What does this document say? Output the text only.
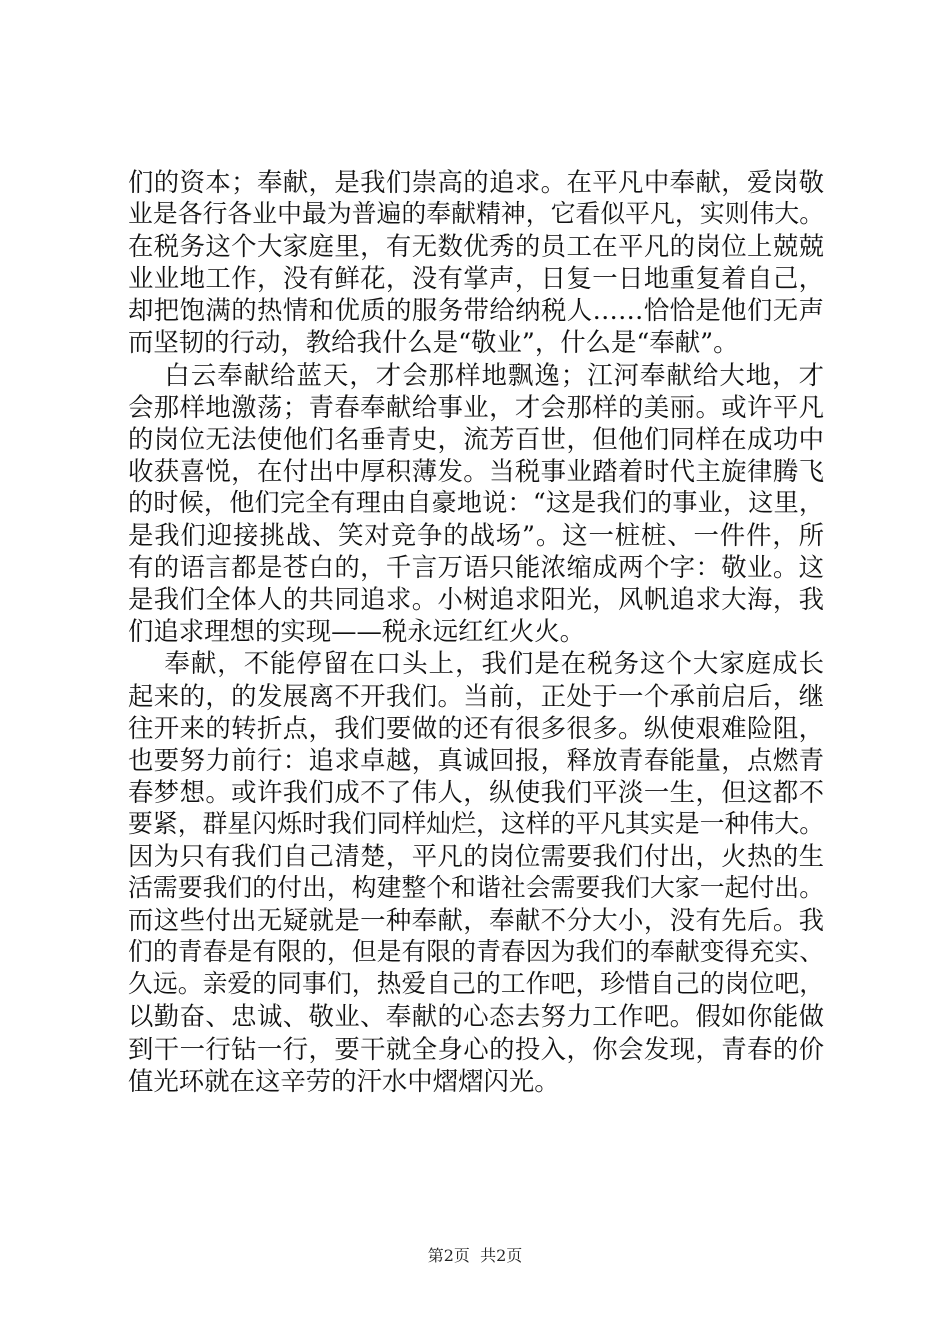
们的资本；奉献，是我们崇高的追求。在平凡中奉献，爱岗敬
业是各行各业中最为普遍的奉献精神，它看似平凡，实则伟大。
在税务这个大家庭里，有无数优秀的员工在平凡的岗位上兢兢
业业地工作，没有鲜花，没有掌声，日复一日地重复着自己，
却把饱满的热情和优质的服务带给纳税人……恰恰是他们无声
而坚韧的行动，教给我什么是“敬业”，什么是“奉献”。
白云奉献给蓝天，才会那样地飘逸；江河奉献给大地，才
会那样地激荡；青春奉献给事业，才会那样的美丽。或许平凡
的岗位无法使他们名垂青史，流芳百世，但他们同样在成功中
收获喜悦，在付出中厚积薄发。当税事业踏着时代主旋律腾飞
的时候，他们完全有理由自豪地说：“这是我们的事业，这里，
是我们迎接挑战、笑对竞争的战场”。这一桩桩、一件件，所
有的语言都是苍白的，千言万语只能浓缩成两个字：敬业。这
是我们全体人的共同追求。小树追求阳光，风帆追求大海，我
们追求理想的实现——税永远红红火火。
奉献，不能停留在口头上，我们是在税务这个大家庭成长
起来的，的发展离不开我们。当前，正处于一个承前启后，继
往开来的转折点，我们要做的还有很多很多。纵使艰难险阻，
也要努力前行：追求卓越，真诚回报，释放青春能量，点燃青
春梦想。或许我们成不了伟人，纵使我们平淡一生，但这都不
要紧，群星闪烁时我们同样灿烂，这样的平凡其实是一种伟大。
因为只有我们自己清楚，平凡的岗位需要我们付出，火热的生
活需要我们的付出，构建整个和谐社会需要我们大家一起付出。
而这些付出无疑就是一种奉献，奉献不分大小，没有先后。我
们的青春是有限的，但是有限的青春因为我们的奉献变得充实、
久远。亲爱的同事们，热爱自己的工作吧，珍惜自己的岗位吧，
以勤奋、忠诚、敬业、奉献的心态去努力工作吧。假如你能做
到干一行钻一行，要干就全身心的投入，你会发现，青春的价
值光环就在这辛劳的汗水中熠熠闪光。
第2页  共2页
